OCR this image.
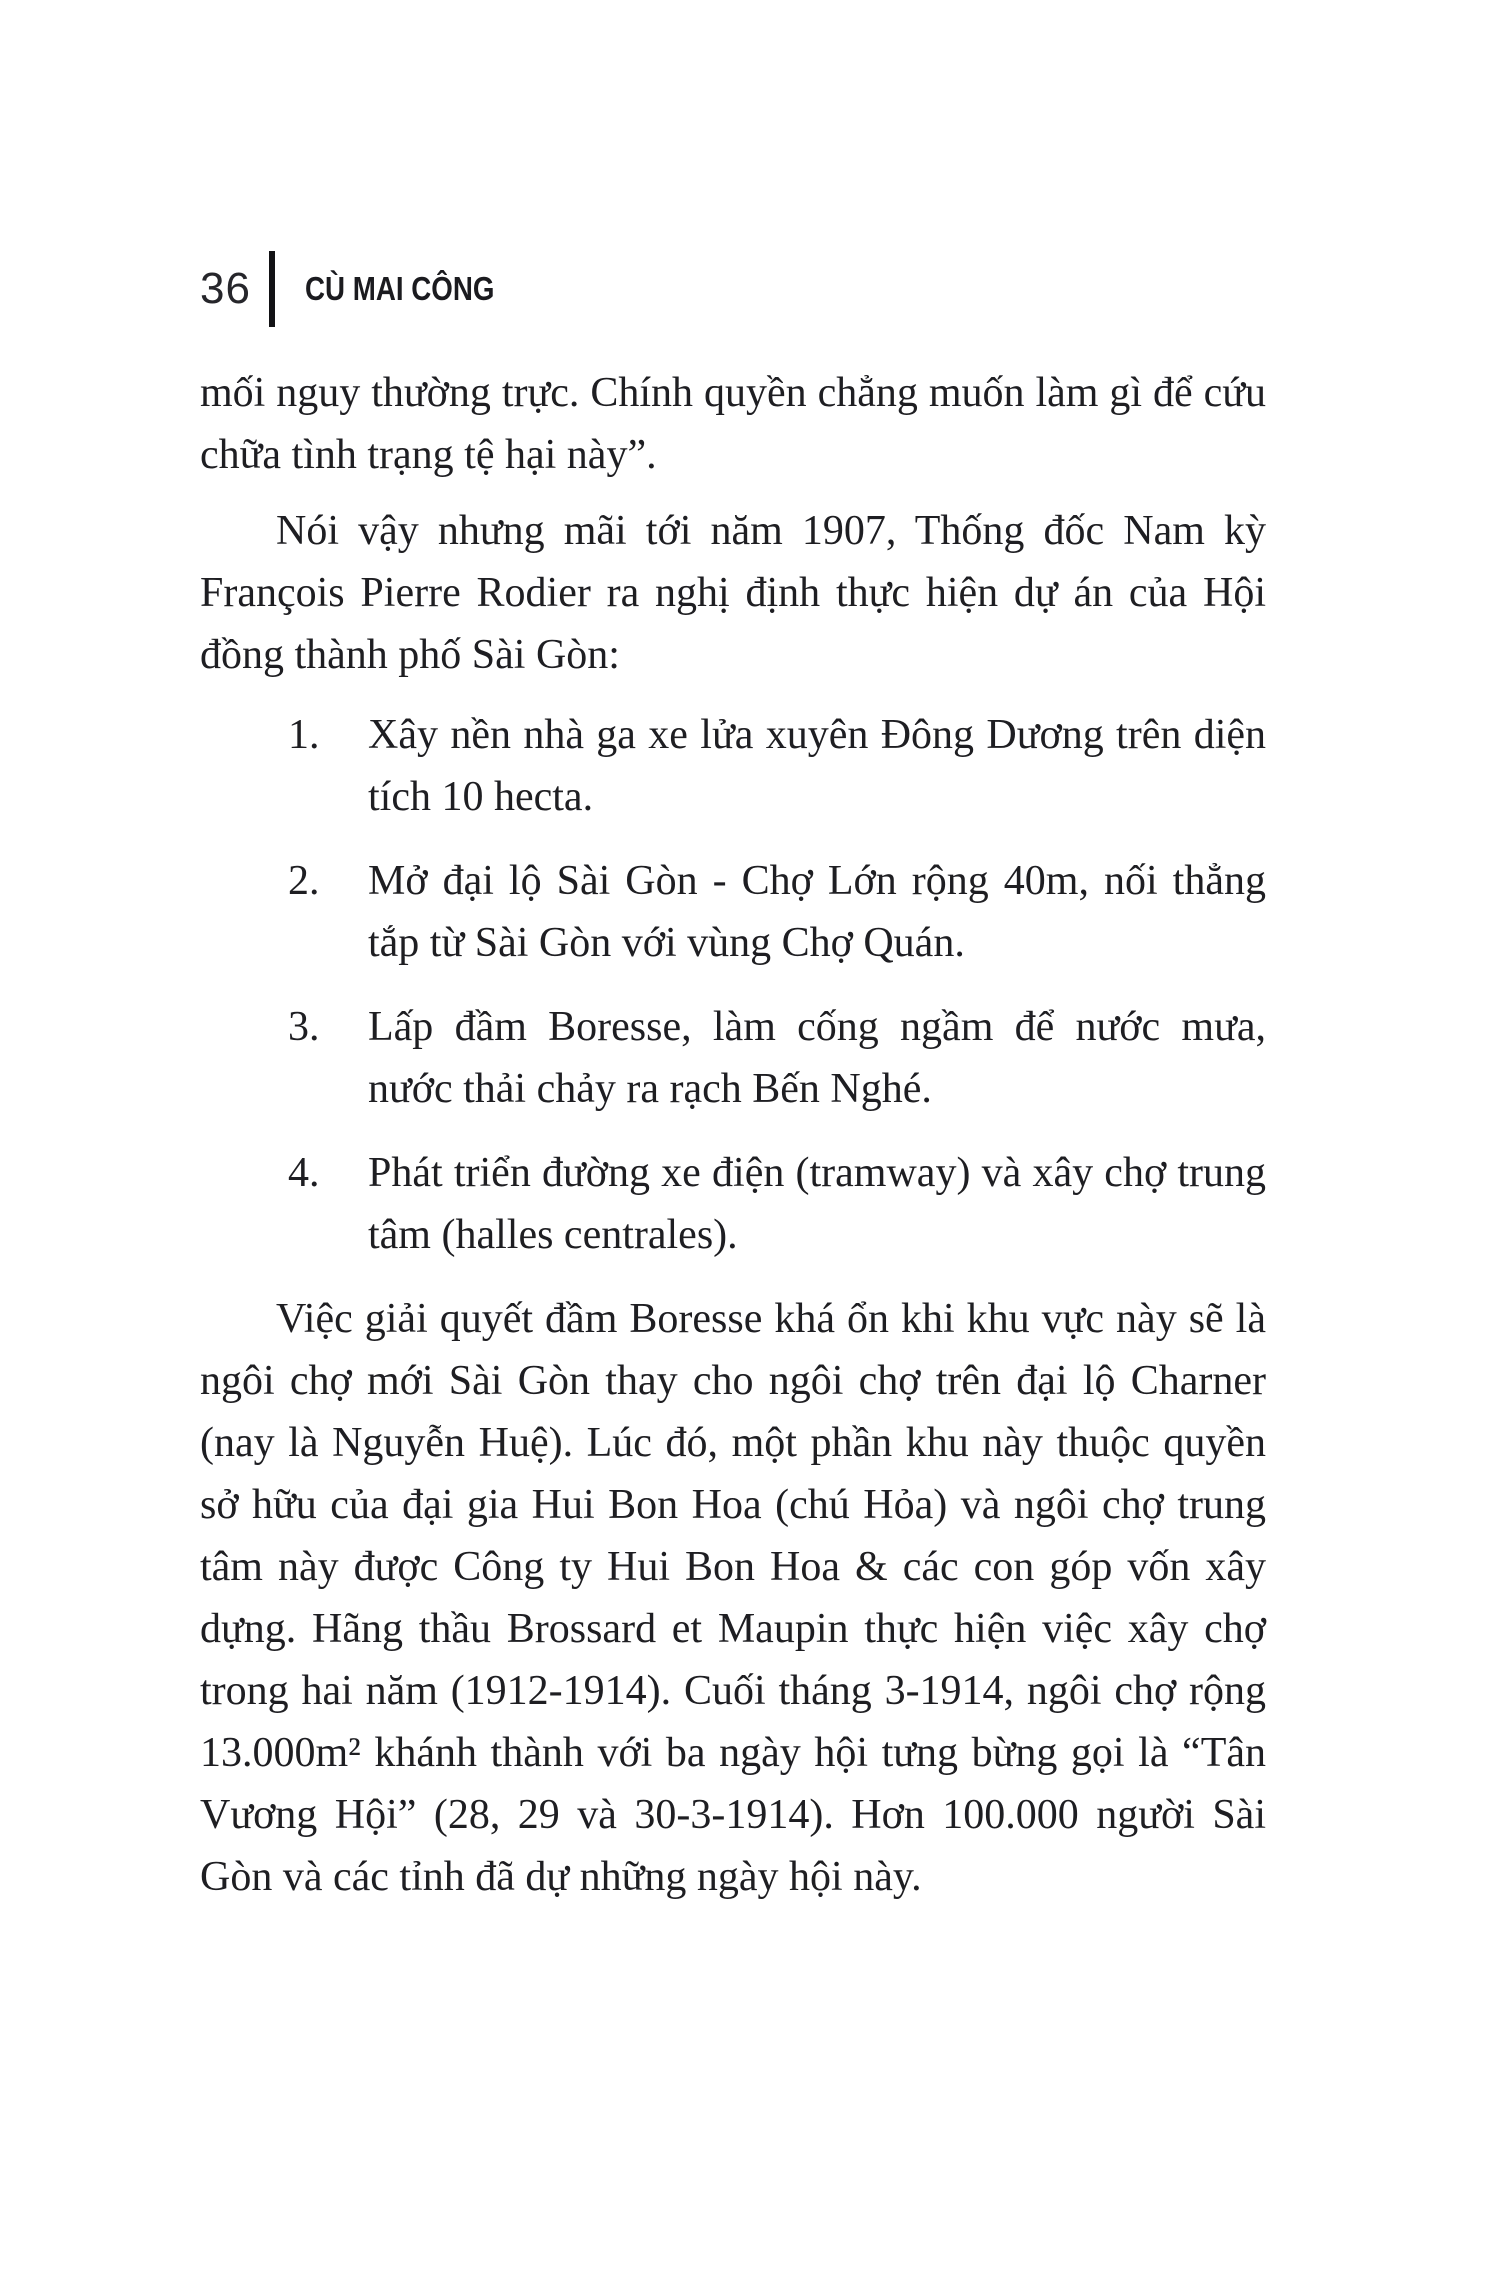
36 CÙ MAI CÔNG

mối nguy thường trực. Chính quyền chẳng muốn làm gì để cứu chữa tình trạng tệ hại này”.

Nói vậy nhưng mãi tới năm 1907, Thống đốc Nam kỳ François Pierre Rodier ra nghị định thực hiện dự án của Hội đồng thành phố Sài Gòn:

1.	Xây nền nhà ga xe lửa xuyên Đông Dương trên diện tích 10 hecta.
2.	Mở đại lộ Sài Gòn - Chợ Lớn rộng 40m, nối thẳng tắp từ Sài Gòn với vùng Chợ Quán.
3.	Lấp đầm Boresse, làm cống ngầm để nước mưa, nước thải chảy ra rạch Bến Nghé.
4.	Phát triển đường xe điện (tramway) và xây chợ trung tâm (halles centrales).

Việc giải quyết đầm Boresse khá ổn khi khu vực này sẽ là ngôi chợ mới Sài Gòn thay cho ngôi chợ trên đại lộ Charner (nay là Nguyễn Huệ). Lúc đó, một phần khu này thuộc quyền sở hữu của đại gia Hui Bon Hoa (chú Hỏa) và ngôi chợ trung tâm này được Công ty Hui Bon Hoa & các con góp vốn xây dựng. Hãng thầu Brossard et Maupin thực hiện việc xây chợ trong hai năm (1912-1914). Cuối tháng 3-1914, ngôi chợ rộng 13.000m² khánh thành với ba ngày hội tưng bừng gọi là “Tân Vương Hội” (28, 29 và 30-3-1914). Hơn 100.000 người Sài Gòn và các tỉnh đã dự những ngày hội này.
